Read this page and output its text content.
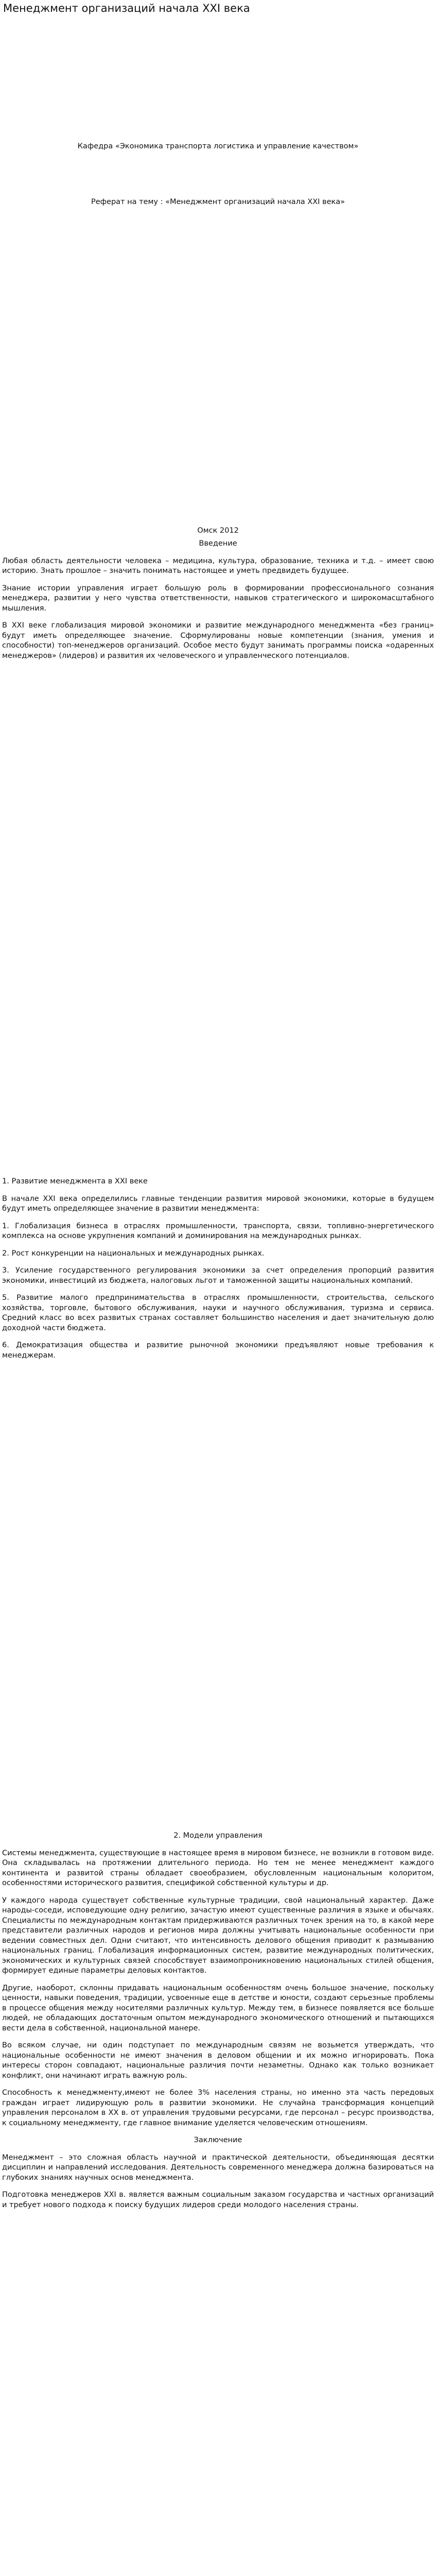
Менеджмент организаций начала XXI века
Кафедра «Экономика транспорта логистика и управление качеством»
Реферат на тему : «Менеджмент организаций начала XXI века»
Омск 2012
Введение

Любая область деятельности человека – медицина, культура, образование, техника и т.д. – имеет свою историю. Знать прошлое – значить понимать настоящее и уметь предвидеть будущее.

Знание истории управления играет большую роль в формировании профессионального сознания менеджера, развитии у него чувства ответственности, навыков стратегического и широкомасштабного мышления.

В XXI веке глобализация мировой экономики и развитие международного менеджмента «без границ» будут иметь определяющее значение. Сформулированы новые компетенции (знания, умения и способности) топ-менеджеров организаций. Особое место будут занимать программы поиска «одаренных менеджеров» (лидеров) и развития их человеческого и управленческого потенциалов.

1. Развитие менеджмента в XXI веке

В начале XXI века определились главные тенденции развития мировой экономики, которые в будущем будут иметь определяющее значение в развитии менеджмента:

1. Глобализация бизнеса в отраслях промышленности, транспорта, связи, топливно-энергетического комплекса на основе укрупнения компаний и доминирования на международных рынках.

2. Рост конкуренции на национальных и международных рынках.

3. Усиление государственного регулирования экономики за счет определения пропорций развития экономики, инвестиций из бюджета, налоговых льгот и таможенной защиты национальных компаний.

5. Развитие малого предпринимательства в отраслях промышленности, строительства, сельского хозяйства, торговле, бытового обслуживания, науки и научного обслуживания, туризма и сервиса. Средний класс во всех развитых странах составляет большинство населения и дает значительную долю доходной части бюджета.

6. Демократизация общества и развитие рыночной экономики предъявляют новые требования к менеджерам.

2. Модели управления

Системы менеджмента, существующие в настоящее время в мировом бизнесе, не возникли в готовом виде. Она складывалась на протяжении длительного периода. Но тем не менее менеджмент каждого континента и развитой страны обладает своеобразием, обусловленным национальным колоритом, особенностями исторического развития, спецификой собственной культуры и др.

У каждого народа существует собственные культурные традиции, свой национальный характер. Даже народы-соседи, исповедующие одну религию, зачастую имеют существенные различия в языке и обычаях. Специалисты по международным контактам придерживаются различных точек зрения на то, в какой мере представители различных народов и регионов мира должны учитывать национальные особенности при ведении совместных дел. Одни считают, что интенсивность делового общения приводит к размыванию национальных границ. Глобализация информационных систем, развитие международных политических, экономических и культурных связей способствует взаимопроникновению национальных стилей общения, формирует единые параметры деловых контактов.

Другие, наоборот, склонны придавать национальным особенностям очень большое значение, поскольку ценности, навыки поведения, традиции, усвоенные еще в детстве и юности, создают серьезные проблемы в процессе общения между носителями различных культур. Между тем, в бизнесе появляется все больше людей, не обладающих достаточным опытом международного экономического отношений и пытающихся вести дела в собственной, национальной манере.

Во всяком случае, ни один подступает по международным связям не возьмется утверждать, что национальные особенности не имеют значения в деловом общении и их можно игнорировать. Пока интересы сторон совпадают, национальные различия почти незаметны. Однако как только возникает конфликт, они начинают играть важную роль.

Способность к менеджменту,имеют не более 3% населения страны, но именно эта часть передовых граждан играет лидирующую роль в развитии экономики. Не случайна трансформация концепций управления персоналом в XX в. от управления трудовыми ресурсами, где персонал – ресурс производства, к социальному менеджменту, где главное внимание уделяется человеческим отношениям.

Заключение

Менеджмент – это сложная область научной и практической деятельности, объединяющая десятки дисциплин и направлений исследования. Деятельность современного менеджера должна базироваться на глубоких знаниях научных основ менеджмента.

Подготовка менеджеров XXI в. является важным социальным заказом государства и частных организаций и требует нового подхода к поиску будущих лидеров среди молодого населения страны.
